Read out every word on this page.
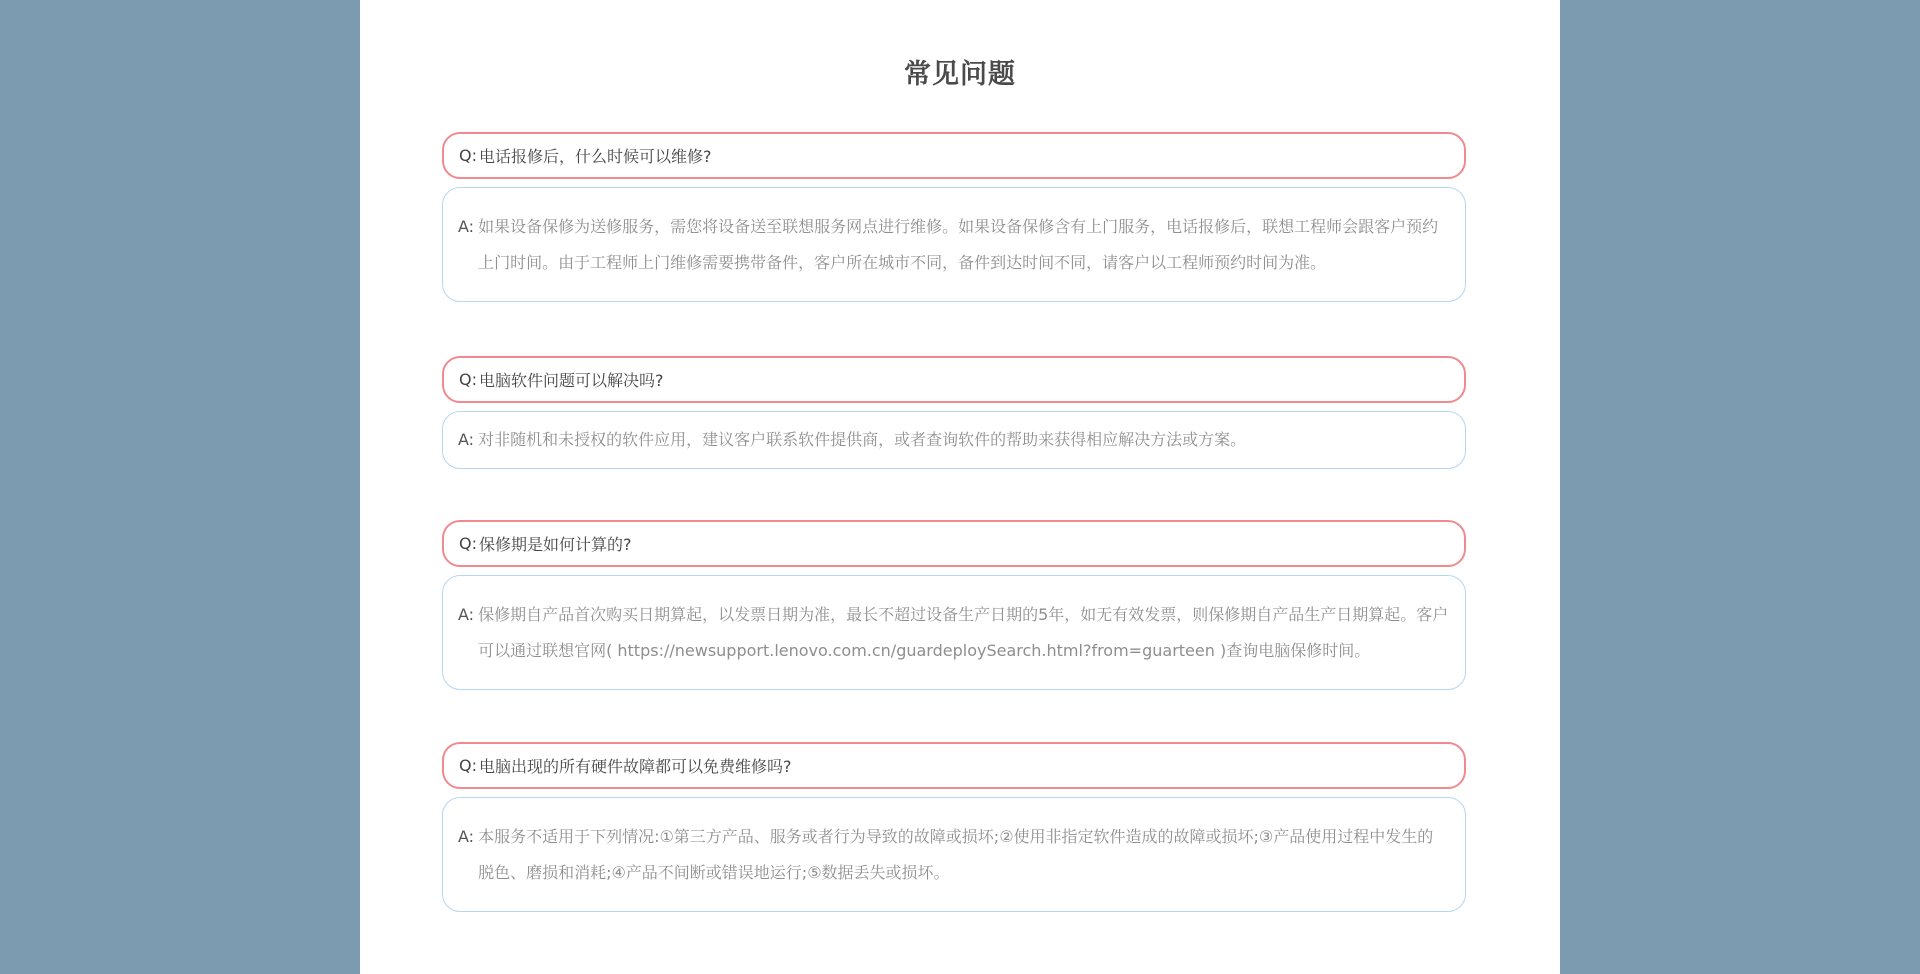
常见问题
Q: 电话报修后，什么时候可以维修?
A: 如果设备保修为送修服务，需您将设备送至联想服务网点进行维修。如果设备保修含有上门服务，电话报修后，联想工程师会跟客户预约上门时间。由于工程师上门维修需要携带备件，客户所在城市不同，备件到达时间不同，请客户以工程师预约时间为准。
Q: 电脑软件问题可以解决吗?
A: 对非随机和未授权的软件应用，建议客户联系软件提供商，或者查询软件的帮助来获得相应解决方法或方案。
Q: 保修期是如何计算的?
A: 保修期自产品首次购买日期算起，以发票日期为准，最长不超过设备生产日期的5年，如无有效发票，则保修期自产品生产日期算起。客户可以通过联想官网( https://newsupport.lenovo.com.cn/guardeploySearch.html?from=guarteen )查询电脑保修时间。
Q: 电脑出现的所有硬件故障都可以免费维修吗?
A: 本服务不适用于下列情况:①第三方产品、服务或者行为导致的故障或损坏;②使用非指定软件造成的故障或损坏;③产品使用过程中发生的脱色、磨损和消耗;④产品不间断或错误地运行;⑤数据丢失或损坏。
